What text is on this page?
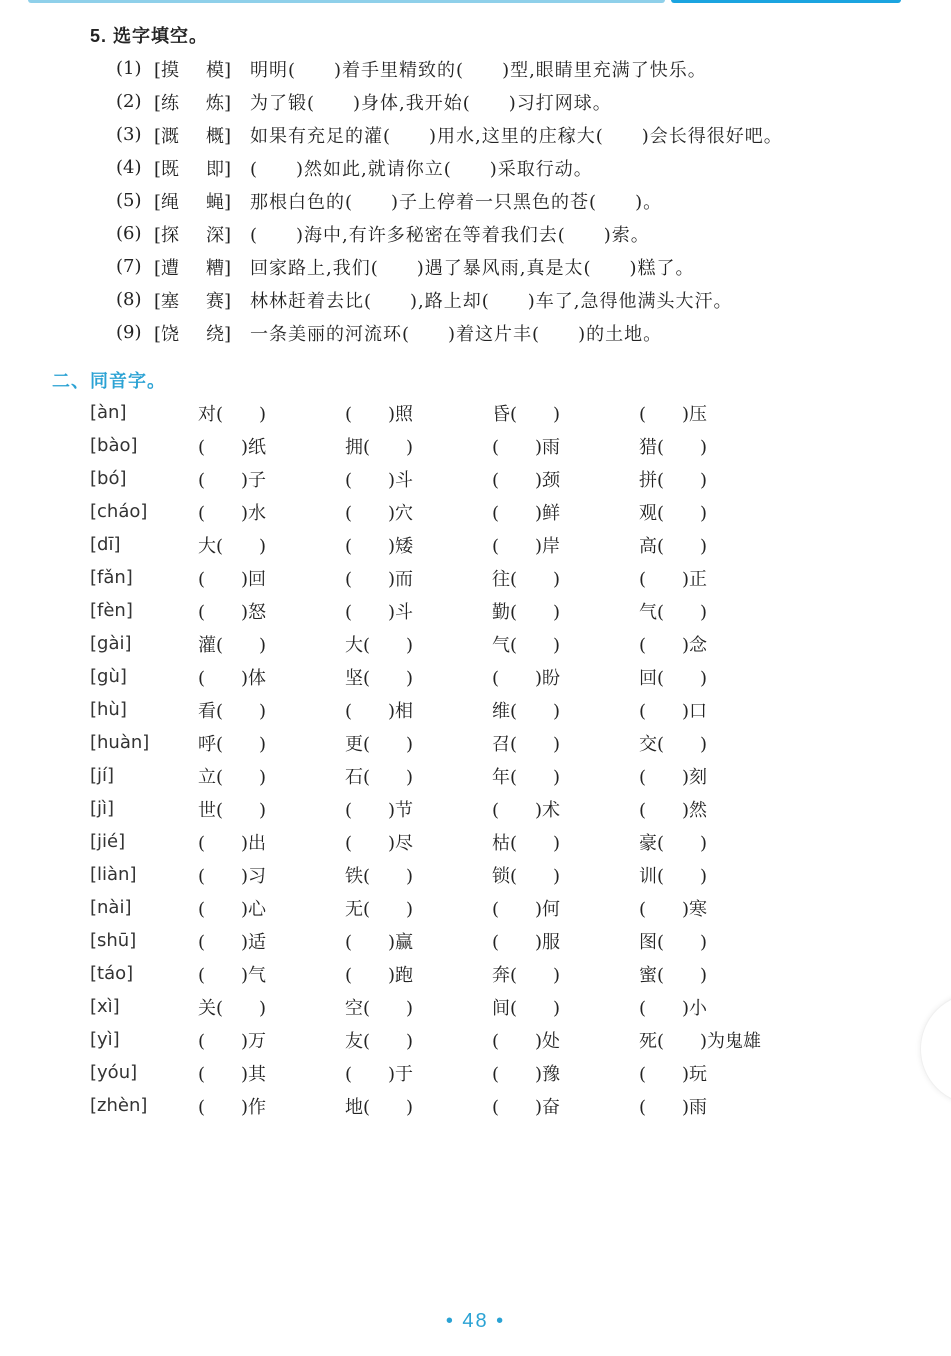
5. 选字填空。
(1) [摸	模] 明明(　　)着手里精致的(　　)型,眼睛里充满了快乐。
(2) [练	炼] 为了锻(　　)身体,我开始(　　)习打网球。
(3) [溉	概] 如果有充足的灌(　　)用水,这里的庄稼大(　　)会长得很好吧。
(4) [既	即] (　　)然如此,就请你立(　　)采取行动。
(5) [绳	蝇] 那根白色的(　　)子上停着一只黑色的苍(　　)。
(6) [探	深] (　　)海中,有许多秘密在等着我们去(　　)索。
(7) [遭	糟] 回家路上,我们(　　)遇了暴风雨,真是太(　　)糕了。
(8) [塞	赛] 林林赶着去比(　　),路上却(　　)车了,急得他满头大汗。
(9) [饶	绕] 一条美丽的河流环(　　)着这片丰(　　)的土地。
二、同音字。
[àn]	对(　　)	(　　)照	昏(　　)	(　　)压
[bào]	(　　)纸	拥(　　)	(　　)雨	猎(　　)
[bó]	(　　)子	(　　)斗	(　　)颈	拼(　　)
[cháo]	(　　)水	(　　)穴	(　　)鲜	观(　　)
[dī]	大(　　)	(　　)矮	(　　)岸	高(　　)
[fǎn]	(　　)回	(　　)而	往(　　)	(　　)正
[fèn]	(　　)怒	(　　)斗	勤(　　)	气(　　)
[gài]	灌(　　)	大(　　)	气(　　)	(　　)念
[gù]	(　　)体	坚(　　)	(　　)盼	回(　　)
[hù]	看(　　)	(　　)相	维(　　)	(　　)口
[huàn]	呼(　　)	更(　　)	召(　　)	交(　　)
[jí]	立(　　)	石(　　)	年(　　)	(　　)刻
[jì]	世(　　)	(　　)节	(　　)术	(　　)然
[jié]	(　　)出	(　　)尽	枯(　　)	豪(　　)
[liàn]	(　　)习	铁(　　)	锁(　　)	训(　　)
[nài]	(　　)心	无(　　)	(　　)何	(　　)寒
[shū]	(　　)适	(　　)赢	(　　)服	图(　　)
[táo]	(　　)气	(　　)跑	奔(　　)	蜜(　　)
[xì]	关(　　)	空(　　)	间(　　)	(　　)小
[yì]	(　　)万	友(　　)	(　　)处	死(　　)为鬼雄
[yóu]	(　　)其	(　　)于	(　　)豫	(　　)玩
[zhèn]	(　　)作	地(　　)	(　　)奋	(　　)雨
• 48 •
